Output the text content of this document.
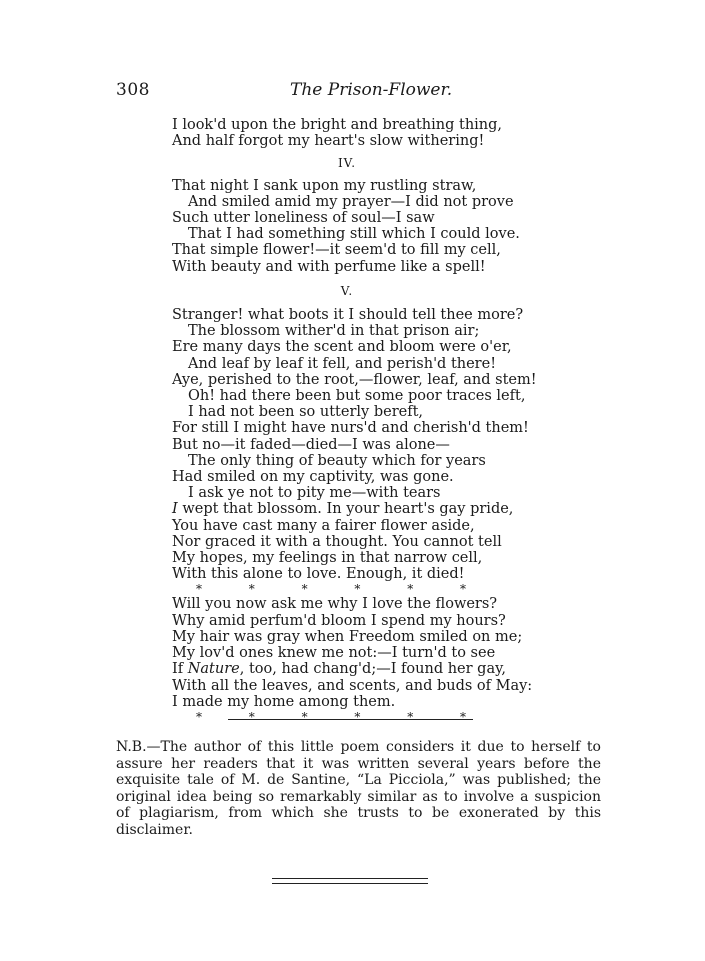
308	The Prison-Flower.
I look'd upon the bright and breathing thing,
And half forgot my heart's slow withering!
IV.
That night I sank upon my rustling straw,
And smiled amid my prayer—I did not prove
Such utter loneliness of soul—I saw
That I had something still which I could love.
That simple flower!—it seem'd to fill my cell,
With beauty and with perfume like a spell!
V.
Stranger! what boots it I should tell thee more?
The blossom wither'd in that prison air;
Ere many days the scent and bloom were o'er,
And leaf by leaf it fell, and perish'd there!
Aye, perished to the root,—flower, leaf, and stem!
Oh! had there been but some poor traces left,
I had not been so utterly bereft,
For still I might have nurs'd and cherish'd them!
But no—it faded—died—I was alone—
The only thing of beauty which for years
Had smiled on my captivity, was gone.
I ask ye not to pity me—with tears
I wept that blossom. In your heart's gay pride,
You have cast many a fairer flower aside,
Nor graced it with a thought. You cannot tell
My hopes, my feelings in that narrow cell,
With this alone to love. Enough, it died!
*	*	*	*	*	*
Will you now ask me why I love the flowers?
Why amid perfum'd bloom I spend my hours?
My hair was gray when Freedom smiled on me;
My lov'd ones knew me not:—I turn'd to see
If Nature, too, had chang'd;—I found her gay,
With all the leaves, and scents, and buds of May:
I made my home among them.
*	*	*	*	*	*
N.B.—The author of this little poem considers it due to herself to assure her readers that it was written several years before the exquisite tale of M. de Santine, “La Picciola,” was published; the original idea being so remarkably similar as to involve a suspicion of plagiarism, from which she trusts to be exonerated by this disclaimer.
